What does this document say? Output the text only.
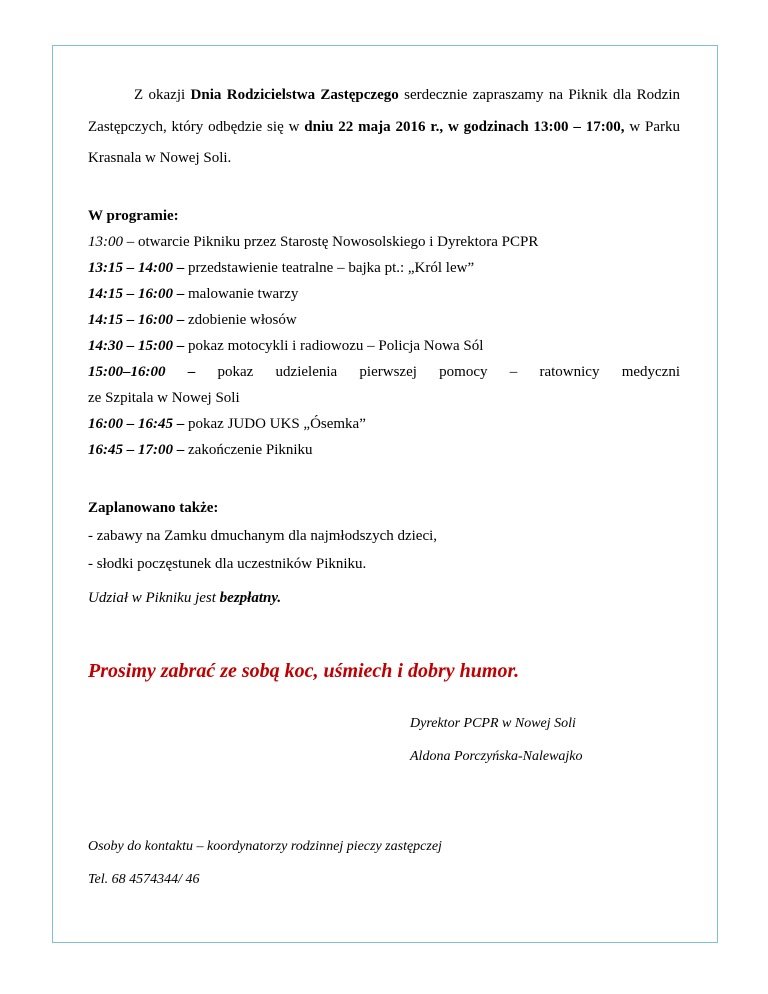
Z okazji Dnia Rodzicielstwa Zastępczego serdecznie zapraszamy na Piknik dla Rodzin Zastępczych, który odbędzie się w dniu 22 maja 2016 r., w godzinach 13:00 – 17:00, w Parku Krasnala w Nowej Soli.

W programie:

13:00 – otwarcie Pikniku przez Starostę Nowosolskiego i Dyrektora PCPR

13:15 – 14:00 – przedstawienie teatralne – bajka pt.: „Król lew”

14:15 – 16:00 – malowanie twarzy

14:15 – 16:00 – zdobienie włosów

14:30 – 15:00 – pokaz motocykli i radiowozu – Policja Nowa Sól

15:00–16:00 – pokaz udzielenia pierwszej pomocy – ratownicy medyczni

ze Szpitala w Nowej Soli

16:00 – 16:45 – pokaz JUDO UKS „Ósemka”

16:45 – 17:00 – zakończenie Pikniku

Zaplanowano także:

- zabawy na Zamku dmuchanym dla najmłodszych dzieci,

- słodki poczęstunek dla uczestników Pikniku.

Udział w Pikniku jest bezpłatny.

Prosimy zabrać ze sobą koc, uśmiech i dobry humor.

Dyrektor PCPR w Nowej Soli
Aldona Porczyńska-Nalewajko
Osoby do kontaktu – koordynatorzy rodzinnej pieczy zastępczej
Tel. 68 4574344/ 46
